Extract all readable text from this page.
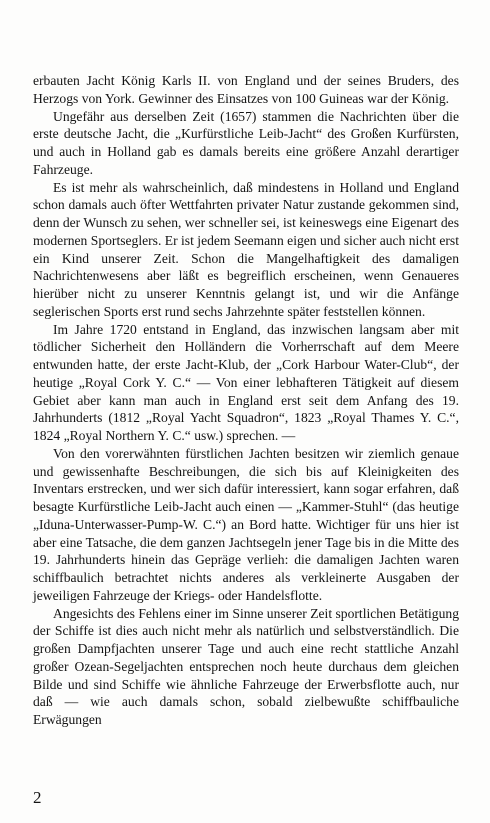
erbauten Jacht König Karls II. von England und der seines Bruders, des Herzogs von York. Gewinner des Einsatzes von 100 Guineas war der König.

Ungefähr aus derselben Zeit (1657) stammen die Nachrichten über die erste deutsche Jacht, die „Kurfürstliche Leib-Jacht“ des Großen Kurfürsten, und auch in Holland gab es damals bereits eine größere Anzahl derartiger Fahrzeuge.

Es ist mehr als wahrscheinlich, daß mindestens in Holland und England schon damals auch öfter Wettfahrten privater Natur zustande gekommen sind, denn der Wunsch zu sehen, wer schneller sei, ist keineswegs eine Eigenart des modernen Sportseglers. Er ist jedem Seemann eigen und sicher auch nicht erst ein Kind unserer Zeit. Schon die Mangelhaftigkeit des damaligen Nachrichtenwesens aber läßt es begreiflich erscheinen, wenn Genaueres hierüber nicht zu unserer Kenntnis gelangt ist, und wir die Anfänge seglerischen Sports erst rund sechs Jahrzehnte später feststellen können.

Im Jahre 1720 entstand in England, das inzwischen langsam aber mit tödlicher Sicherheit den Holländern die Vorherrschaft auf dem Meere entwunden hatte, der erste Jacht-Klub, der „Cork Harbour Water-Club“, der heutige „Royal Cork Y. C.“ — Von einer lebhafteren Tätigkeit auf diesem Gebiet aber kann man auch in England erst seit dem Anfang des 19. Jahrhunderts (1812 „Royal Yacht Squadron“, 1823 „Royal Thames Y. C.“, 1824 „Royal Northern Y. C.“ usw.) sprechen. —

Von den vorerwähnten fürstlichen Jachten besitzen wir ziemlich genaue und gewissenhafte Beschreibungen, die sich bis auf Kleinigkeiten des Inventars erstrecken, und wer sich dafür interessiert, kann sogar erfahren, daß besagte Kurfürstliche Leib-Jacht auch einen — „Kammer-Stuhl“ (das heutige „Iduna-Unterwasser-Pump-W. C.“) an Bord hatte. Wichtiger für uns hier ist aber eine Tatsache, die dem ganzen Jachtsegeln jener Tage bis in die Mitte des 19. Jahrhunderts hinein das Gepräge verlieh: die damaligen Jachten waren schiffbaulich betrachtet nichts anderes als verkleinerte Ausgaben der jeweiligen Fahrzeuge der Kriegs- oder Handelsflotte.

Angesichts des Fehlens einer im Sinne unserer Zeit sportlichen Betätigung der Schiffe ist dies auch nicht mehr als natürlich und selbstverständlich. Die großen Dampfjachten unserer Tage und auch eine recht stattliche Anzahl großer Ozean-Segeljachten entsprechen noch heute durchaus dem gleichen Bilde und sind Schiffe wie ähnliche Fahrzeuge der Erwerbsflotte auch, nur daß — wie auch damals schon, sobald zielbewußte schiffbauliche Erwägungen

2
